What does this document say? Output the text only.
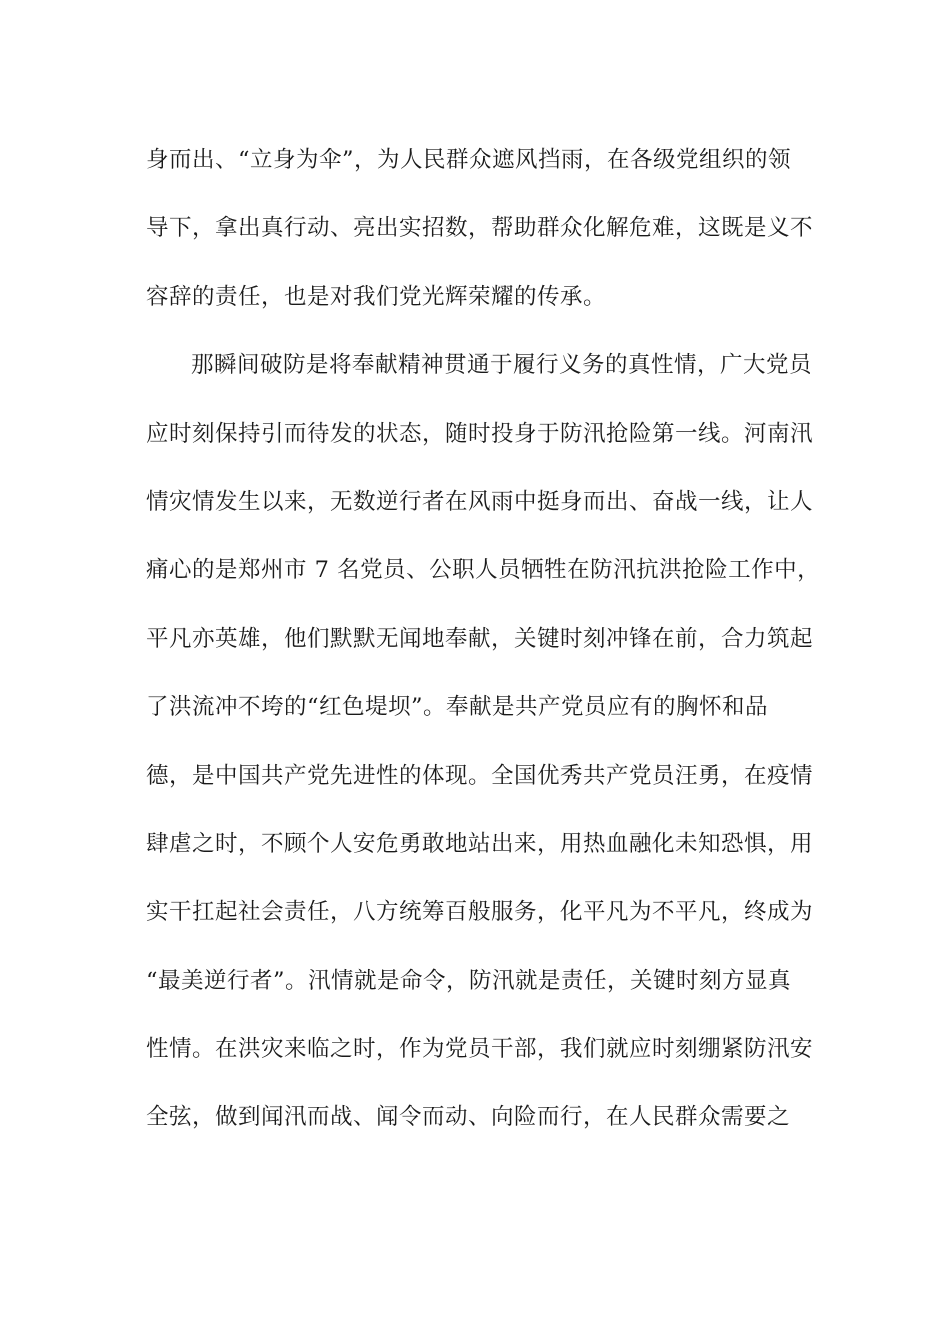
身而出、“立身为伞”，为人民群众遮风挡雨，在各级党组织的领
导下，拿出真行动、亮出实招数，帮助群众化解危难，这既是义不
容辞的责任，也是对我们党光辉荣耀的传承。
那瞬间破防是将奉献精神贯通于履行义务的真性情，广大党员
应时刻保持引而待发的状态，随时投身于防汛抢险第一线。河南汛
情灾情发生以来，无数逆行者在风雨中挺身而出、奋战一线，让人
痛心的是郑州市 7 名党员、公职人员牺牲在防汛抗洪抢险工作中，
平凡亦英雄，他们默默无闻地奉献，关键时刻冲锋在前，合力筑起
了洪流冲不垮的“红色堤坝”。奉献是共产党员应有的胸怀和品
德，是中国共产党先进性的体现。全国优秀共产党员汪勇，在疫情
肆虐之时，不顾个人安危勇敢地站出来，用热血融化未知恐惧，用
实干扛起社会责任，八方统筹百般服务，化平凡为不平凡，终成为
“最美逆行者”。汛情就是命令，防汛就是责任，关键时刻方显真
性情。在洪灾来临之时，作为党员干部，我们就应时刻绷紧防汛安
全弦，做到闻汛而战、闻令而动、向险而行，在人民群众需要之
